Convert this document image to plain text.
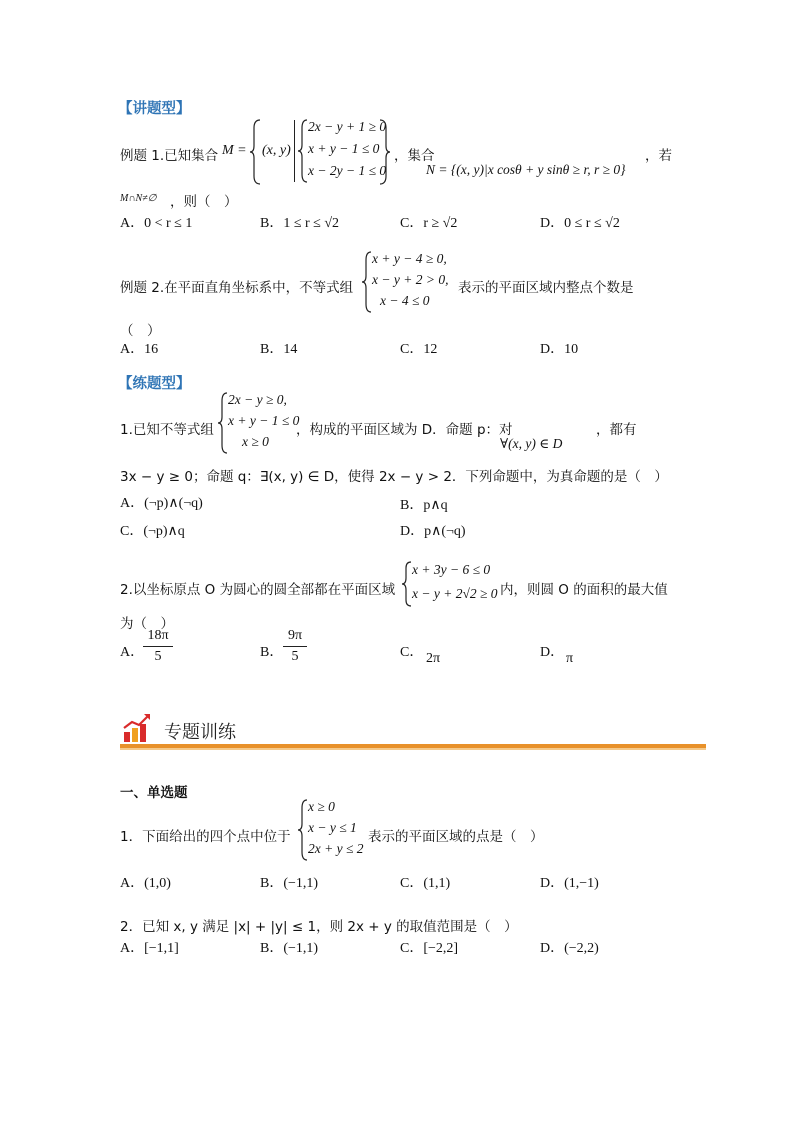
【讲题型】
例题 1.已知集合 M = (x, y)
2x − y + 1 ≥ 0
x + y − 1 ≤ 0
x − 2y − 1 ≤ 0
，集合
N = {(x, y)|x cosθ + y sinθ ≥ r, r ≥ 0}
，若
M∩N≠∅ ，则（　）
A．0 < r ≤ 1	B．1 ≤ r ≤ √2	C．r ≥ √2	D．0 ≤ r ≤ √2
例题 2.在平面直角坐标系中，不等式组
x + y − 4 ≥ 0,
x − y + 2 > 0,
x − 4 ≤ 0
表示的平面区域内整点个数是
（　）
A．16	B．14	C．12	D．10
【练题型】
1.已知不等式组
2x − y ≥ 0,
x + y − 1 ≤ 0
x ≥ 0
，构成的平面区域为 D．命题 p：对
∀(x, y) ∈ D
，都有
3x − y ≥ 0；命题 q：∃(x, y) ∈ D，使得 2x − y > 2．下列命题中，为真命题的是（　）
A．(¬p)∧(¬q)	B．p∧q
C．(¬p)∧q	D．p∧(¬q)
2.以坐标原点 O 为圆心的圆全部都在平面区域
x + 3y − 6 ≤ 0
x − y + 2√2 ≥ 0 内，则圆 O 的面积的最大值
为（　）
A．
18π
5	B．
9π
5	C． 2π	D． π
专题训练
一、单选题
1．下面给出的四个点中位于
x ≥ 0
x − y ≤ 1
2x + y ≤ 2
表示的平面区域的点是（　）
A．(1,0)	B．(−1,1)	C．(1,1)	D．(1,−1)
2．已知 x, y 满足 |x| + |y| ≤ 1，则 2x + y 的取值范围是（　）
A．[−1,1]	B．(−1,1)	C．[−2,2]	D．(−2,2)
